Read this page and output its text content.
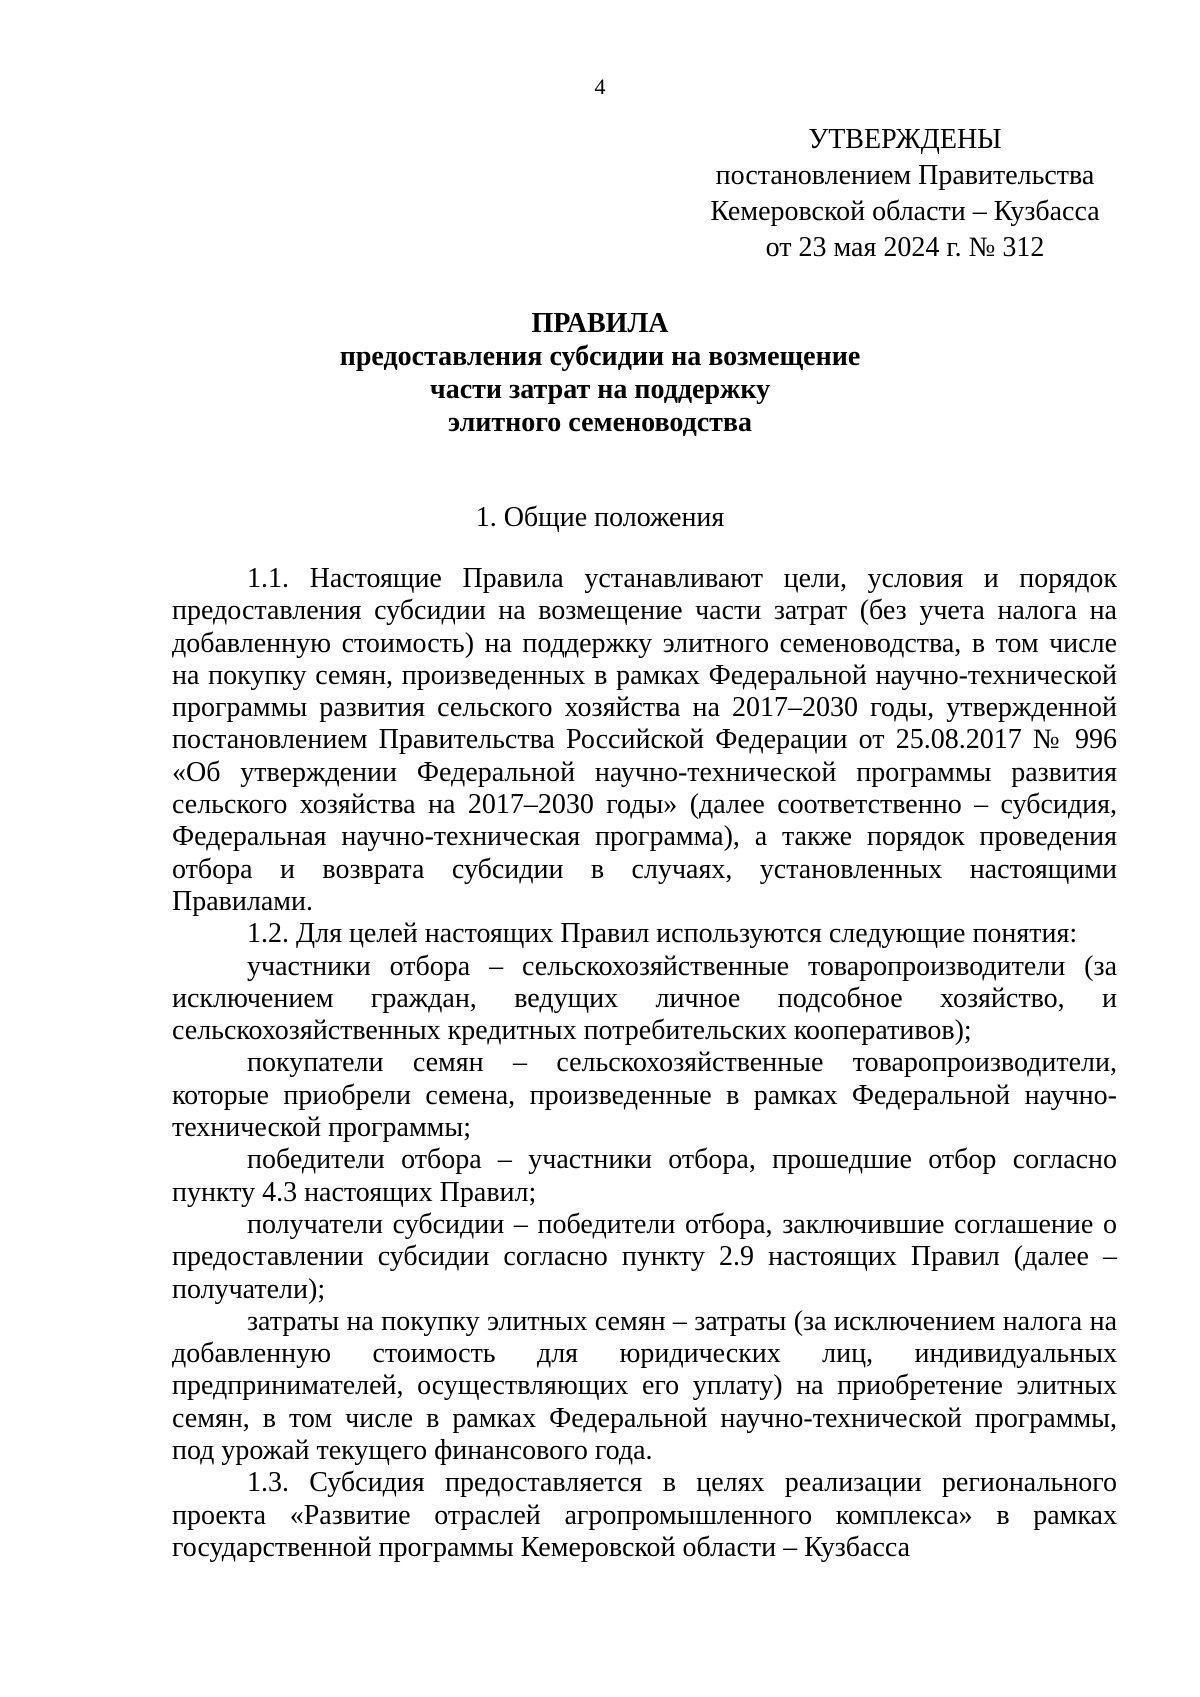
4
УТВЕРЖДЕНЫ
постановлением Правительства
Кемеровской области – Кузбасса
от 23 мая 2024 г. № 312
ПРАВИЛА
предоставления субсидии на возмещение
части затрат на поддержку
элитного семеноводства
1. Общие положения

1.1. Настоящие Правила устанавливают цели, условия и порядок предоставления субсидии на возмещение части затрат (без учета налога на добавленную стоимость) на поддержку элитного семеноводства, в том числе на покупку семян, произведенных в рамках Федеральной научно-технической программы развития сельского хозяйства на 2017–2030 годы, утвержденной постановлением Правительства Российской Федерации от 25.08.2017 № 996 «Об утверждении Федеральной научно-технической программы развития сельского хозяйства на 2017–2030 годы» (далее соответственно – субсидия, Федеральная научно-техническая программа), а также порядок проведения отбора и возврата субсидии в случаях, установленных настоящими Правилами.

1.2. Для целей настоящих Правил используются следующие понятия:

участники отбора – сельскохозяйственные товаропроизводители (за исключением граждан, ведущих личное подсобное хозяйство, и сельскохозяйственных кредитных потребительских кооперативов);

покупатели семян – сельскохозяйственные товаропроизводители, которые приобрели семена, произведенные в рамках Федеральной научно-технической программы;

победители отбора – участники отбора, прошедшие отбор согласно пункту 4.3 настоящих Правил;

получатели субсидии – победители отбора, заключившие соглашение о предоставлении субсидии согласно пункту 2.9 настоящих Правил (далее – получатели);

затраты на покупку элитных семян – затраты (за исключением налога на добавленную стоимость для юридических лиц, индивидуальных предпринимателей, осуществляющих его уплату) на приобретение элитных семян, в том числе в рамках Федеральной научно-технической программы, под урожай текущего финансового года.

1.3. Субсидия предоставляется в целях реализации регионального проекта «Развитие отраслей агропромышленного комплекса» в рамках государственной программы Кемеровской области – Кузбасса
